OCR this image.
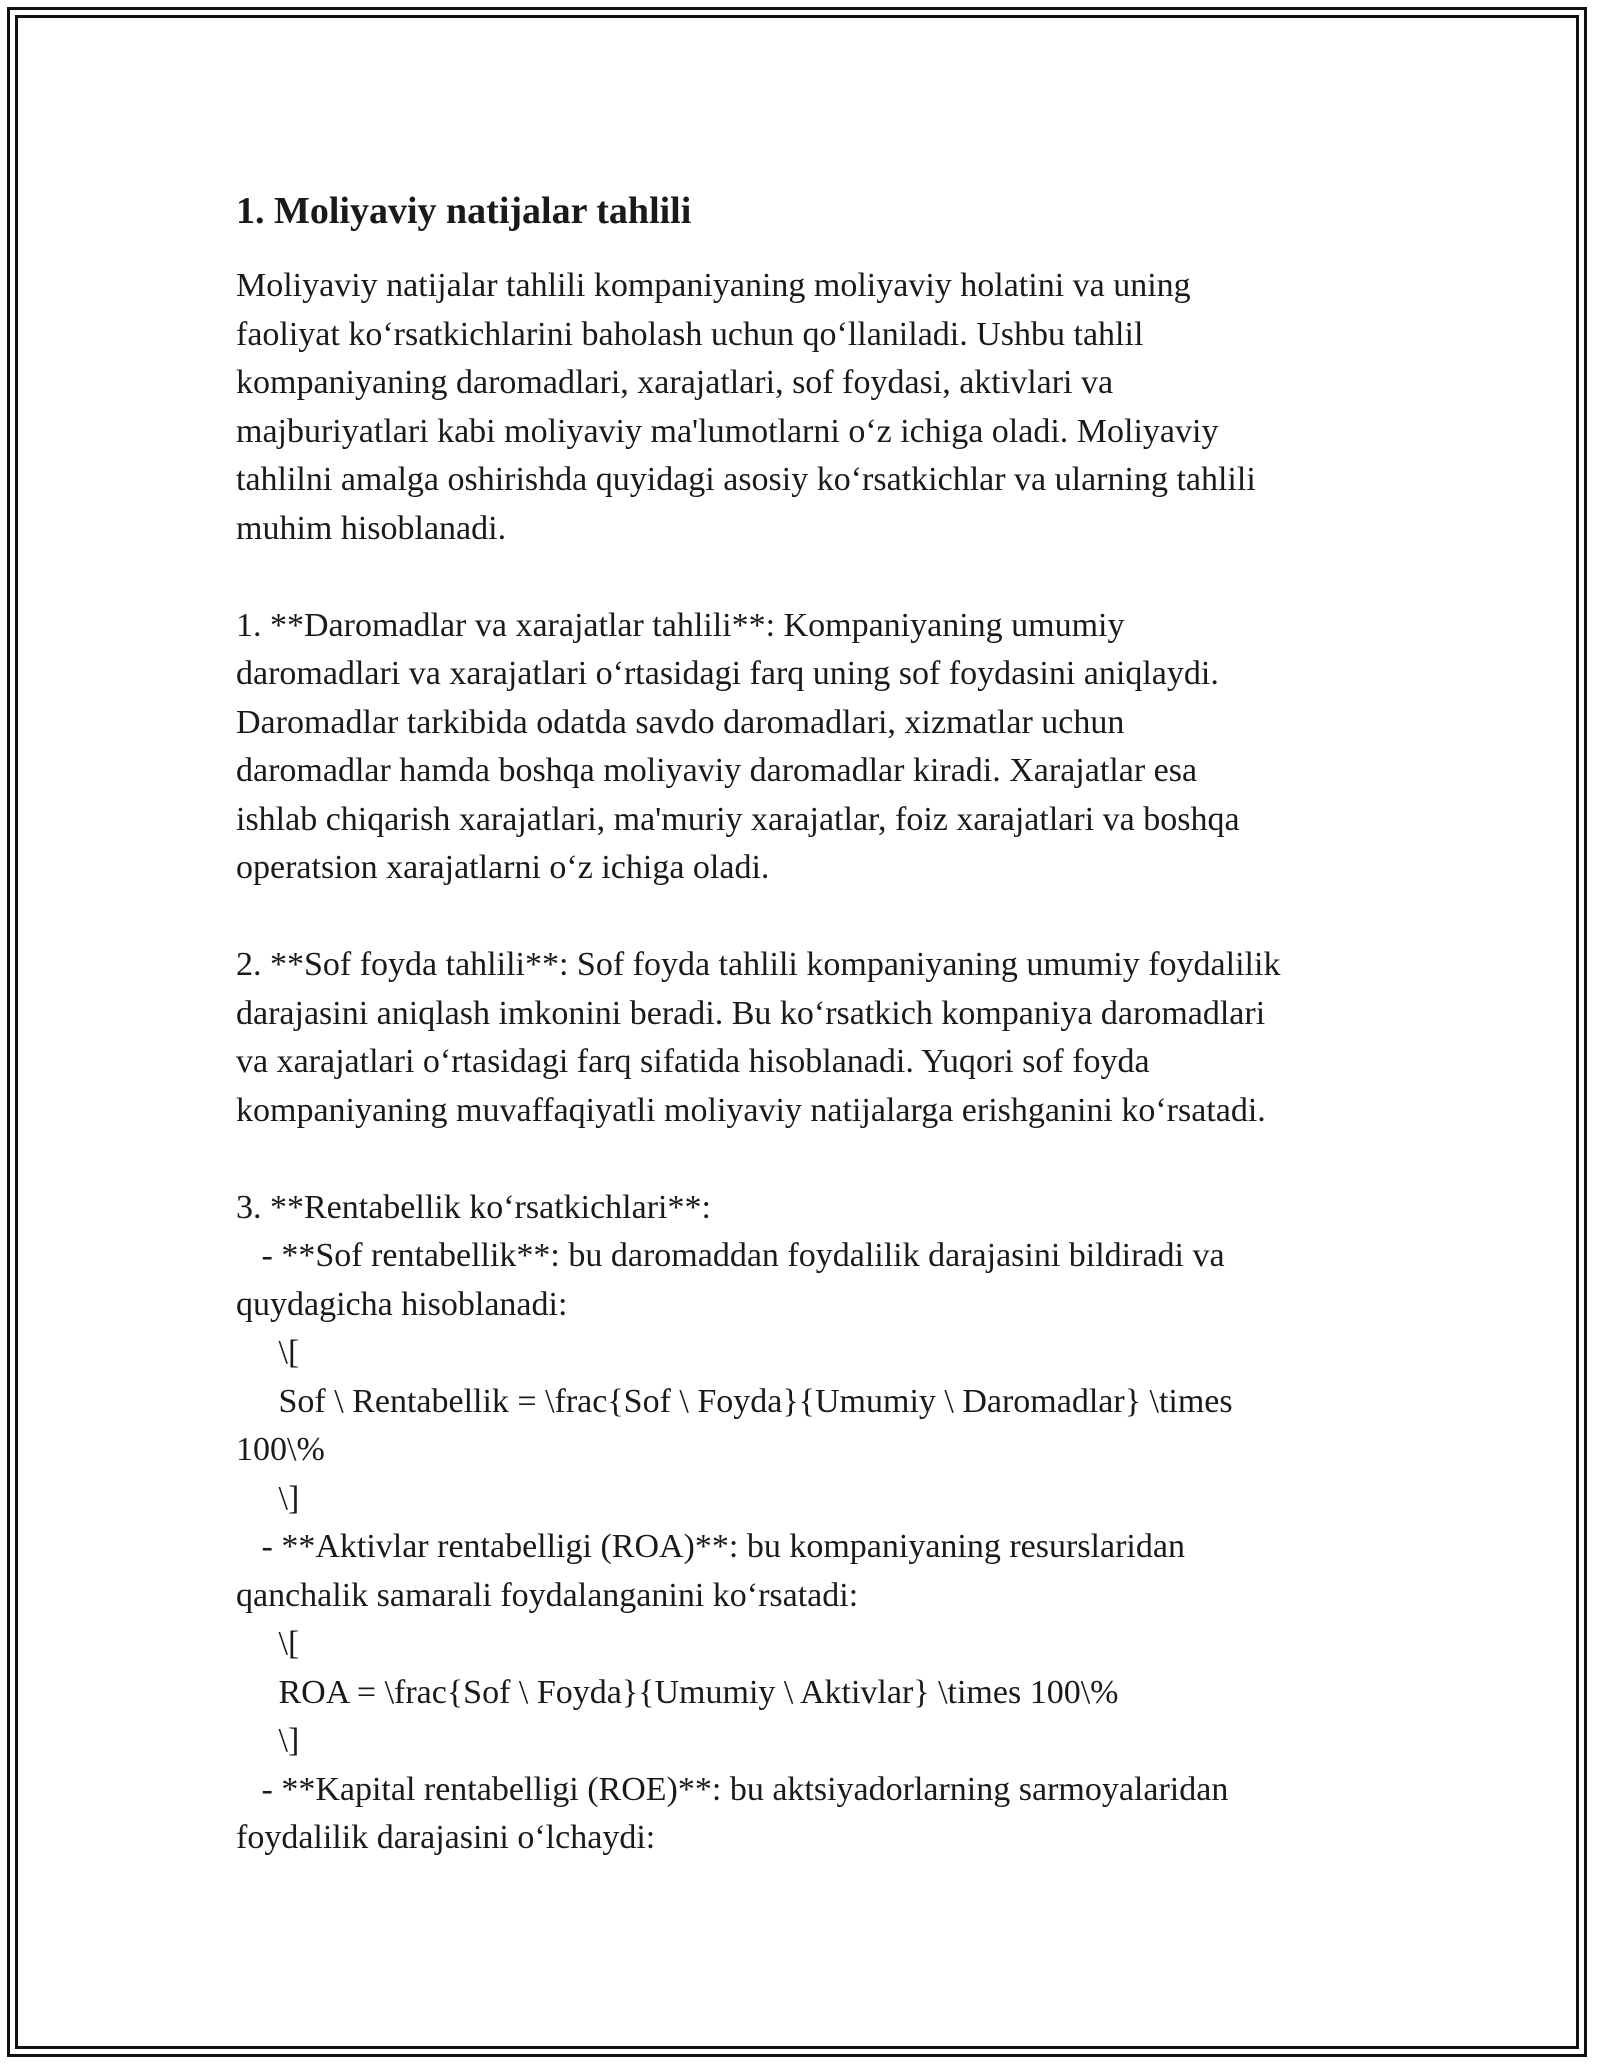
1. Moliyaviy natijalar tahlili
Moliyaviy natijalar tahlili kompaniyaning moliyaviy holatini va uning
faoliyat ko‘rsatkichlarini baholash uchun qo‘llaniladi. Ushbu tahlil
kompaniyaning daromadlari, xarajatlari, sof foydasi, aktivlari va
majburiyatlari kabi moliyaviy ma'lumotlarni o‘z ichiga oladi. Moliyaviy
tahlilni amalga oshirishda quyidagi asosiy ko‘rsatkichlar va ularning tahlili
muhim hisoblanadi.
1. **Daromadlar va xarajatlar tahlili**: Kompaniyaning umumiy
daromadlari va xarajatlari o‘rtasidagi farq uning sof foydasini aniqlaydi.
Daromadlar tarkibida odatda savdo daromadlari, xizmatlar uchun
daromadlar hamda boshqa moliyaviy daromadlar kiradi. Xarajatlar esa
ishlab chiqarish xarajatlari, ma'muriy xarajatlar, foiz xarajatlari va boshqa
operatsion xarajatlarni o‘z ichiga oladi.
2. **Sof foyda tahlili**: Sof foyda tahlili kompaniyaning umumiy foydalilik
darajasini aniqlash imkonini beradi. Bu ko‘rsatkich kompaniya daromadlari
va xarajatlari o‘rtasidagi farq sifatida hisoblanadi. Yuqori sof foyda
kompaniyaning muvaffaqiyatli moliyaviy natijalarga erishganini ko‘rsatadi.
3. **Rentabellik ko‘rsatkichlari**:
- **Sof rentabellik**: bu daromaddan foydalilik darajasini bildiradi va
quydagicha hisoblanadi:
\[
Sof \ Rentabellik = \frac{Sof \ Foyda}{Umumiy \ Daromadlar} \times
100\%
\]
- **Aktivlar rentabelligi (ROA)**: bu kompaniyaning resurslaridan
qanchalik samarali foydalanganini ko‘rsatadi:
\[
ROA = \frac{Sof \ Foyda}{Umumiy \ Aktivlar} \times 100\%
\]
- **Kapital rentabelligi (ROE)**: bu aktsiyadorlarning sarmoyalaridan
foydalilik darajasini o‘lchaydi:
